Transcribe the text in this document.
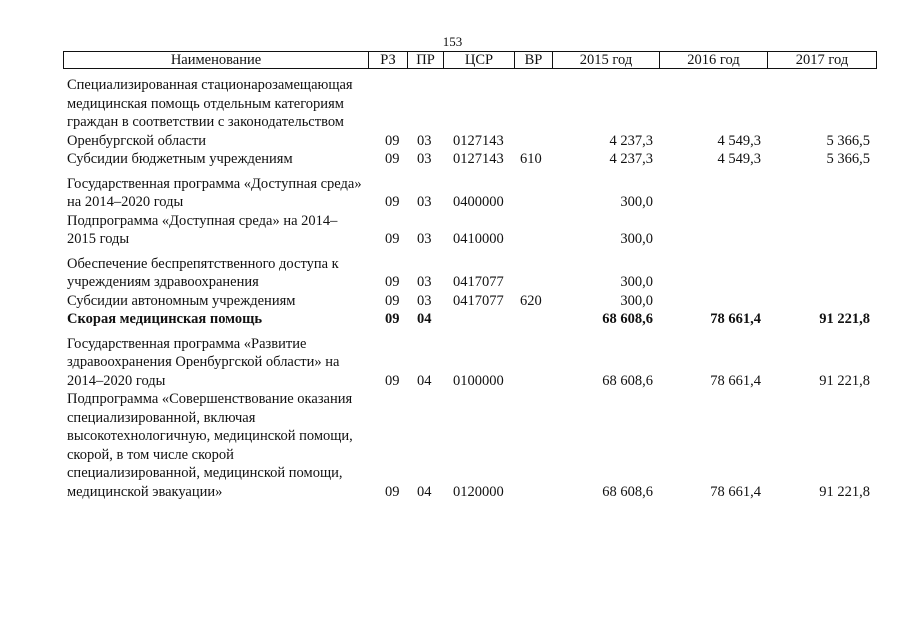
153
Наименование	РЗ	ПР	ЦСР	ВР	2015 год	2016 год	2017 год
Специализированная стационарозамещающая медицинская помощь отдельным категориям граждан в соответствии с законодательством Оренбургской области	09	03	0127143		4 237,3	4 549,3	5 366,5
Субсидии бюджетным учреждениям	09	03	0127143	610	4 237,3	4 549,3	5 366,5
Государственная программа «Доступная среда» на 2014–2020 годы	09	03	0400000		300,0		
Подпрограмма «Доступная среда» на 2014–2015 годы	09	03	0410000		300,0		
Обеспечение беспрепятственного доступа к учреждениям здравоохранения	09	03	0417077		300,0		
Субсидии автономным учреждениям	09	03	0417077	620	300,0		
Скорая медицинская помощь	09	04			68 608,6	78 661,4	91 221,8
Государственная программа «Развитие здравоохранения Оренбургской области» на 2014–2020 годы	09	04	0100000		68 608,6	78 661,4	91 221,8
Подпрограмма «Совершенствование оказания специализированной, включая высокотехнологичную, медицинской помощи, скорой, в том числе скорой специализированной, медицинской помощи, медицинской эвакуации»	09	04	0120000		68 608,6	78 661,4	91 221,8
